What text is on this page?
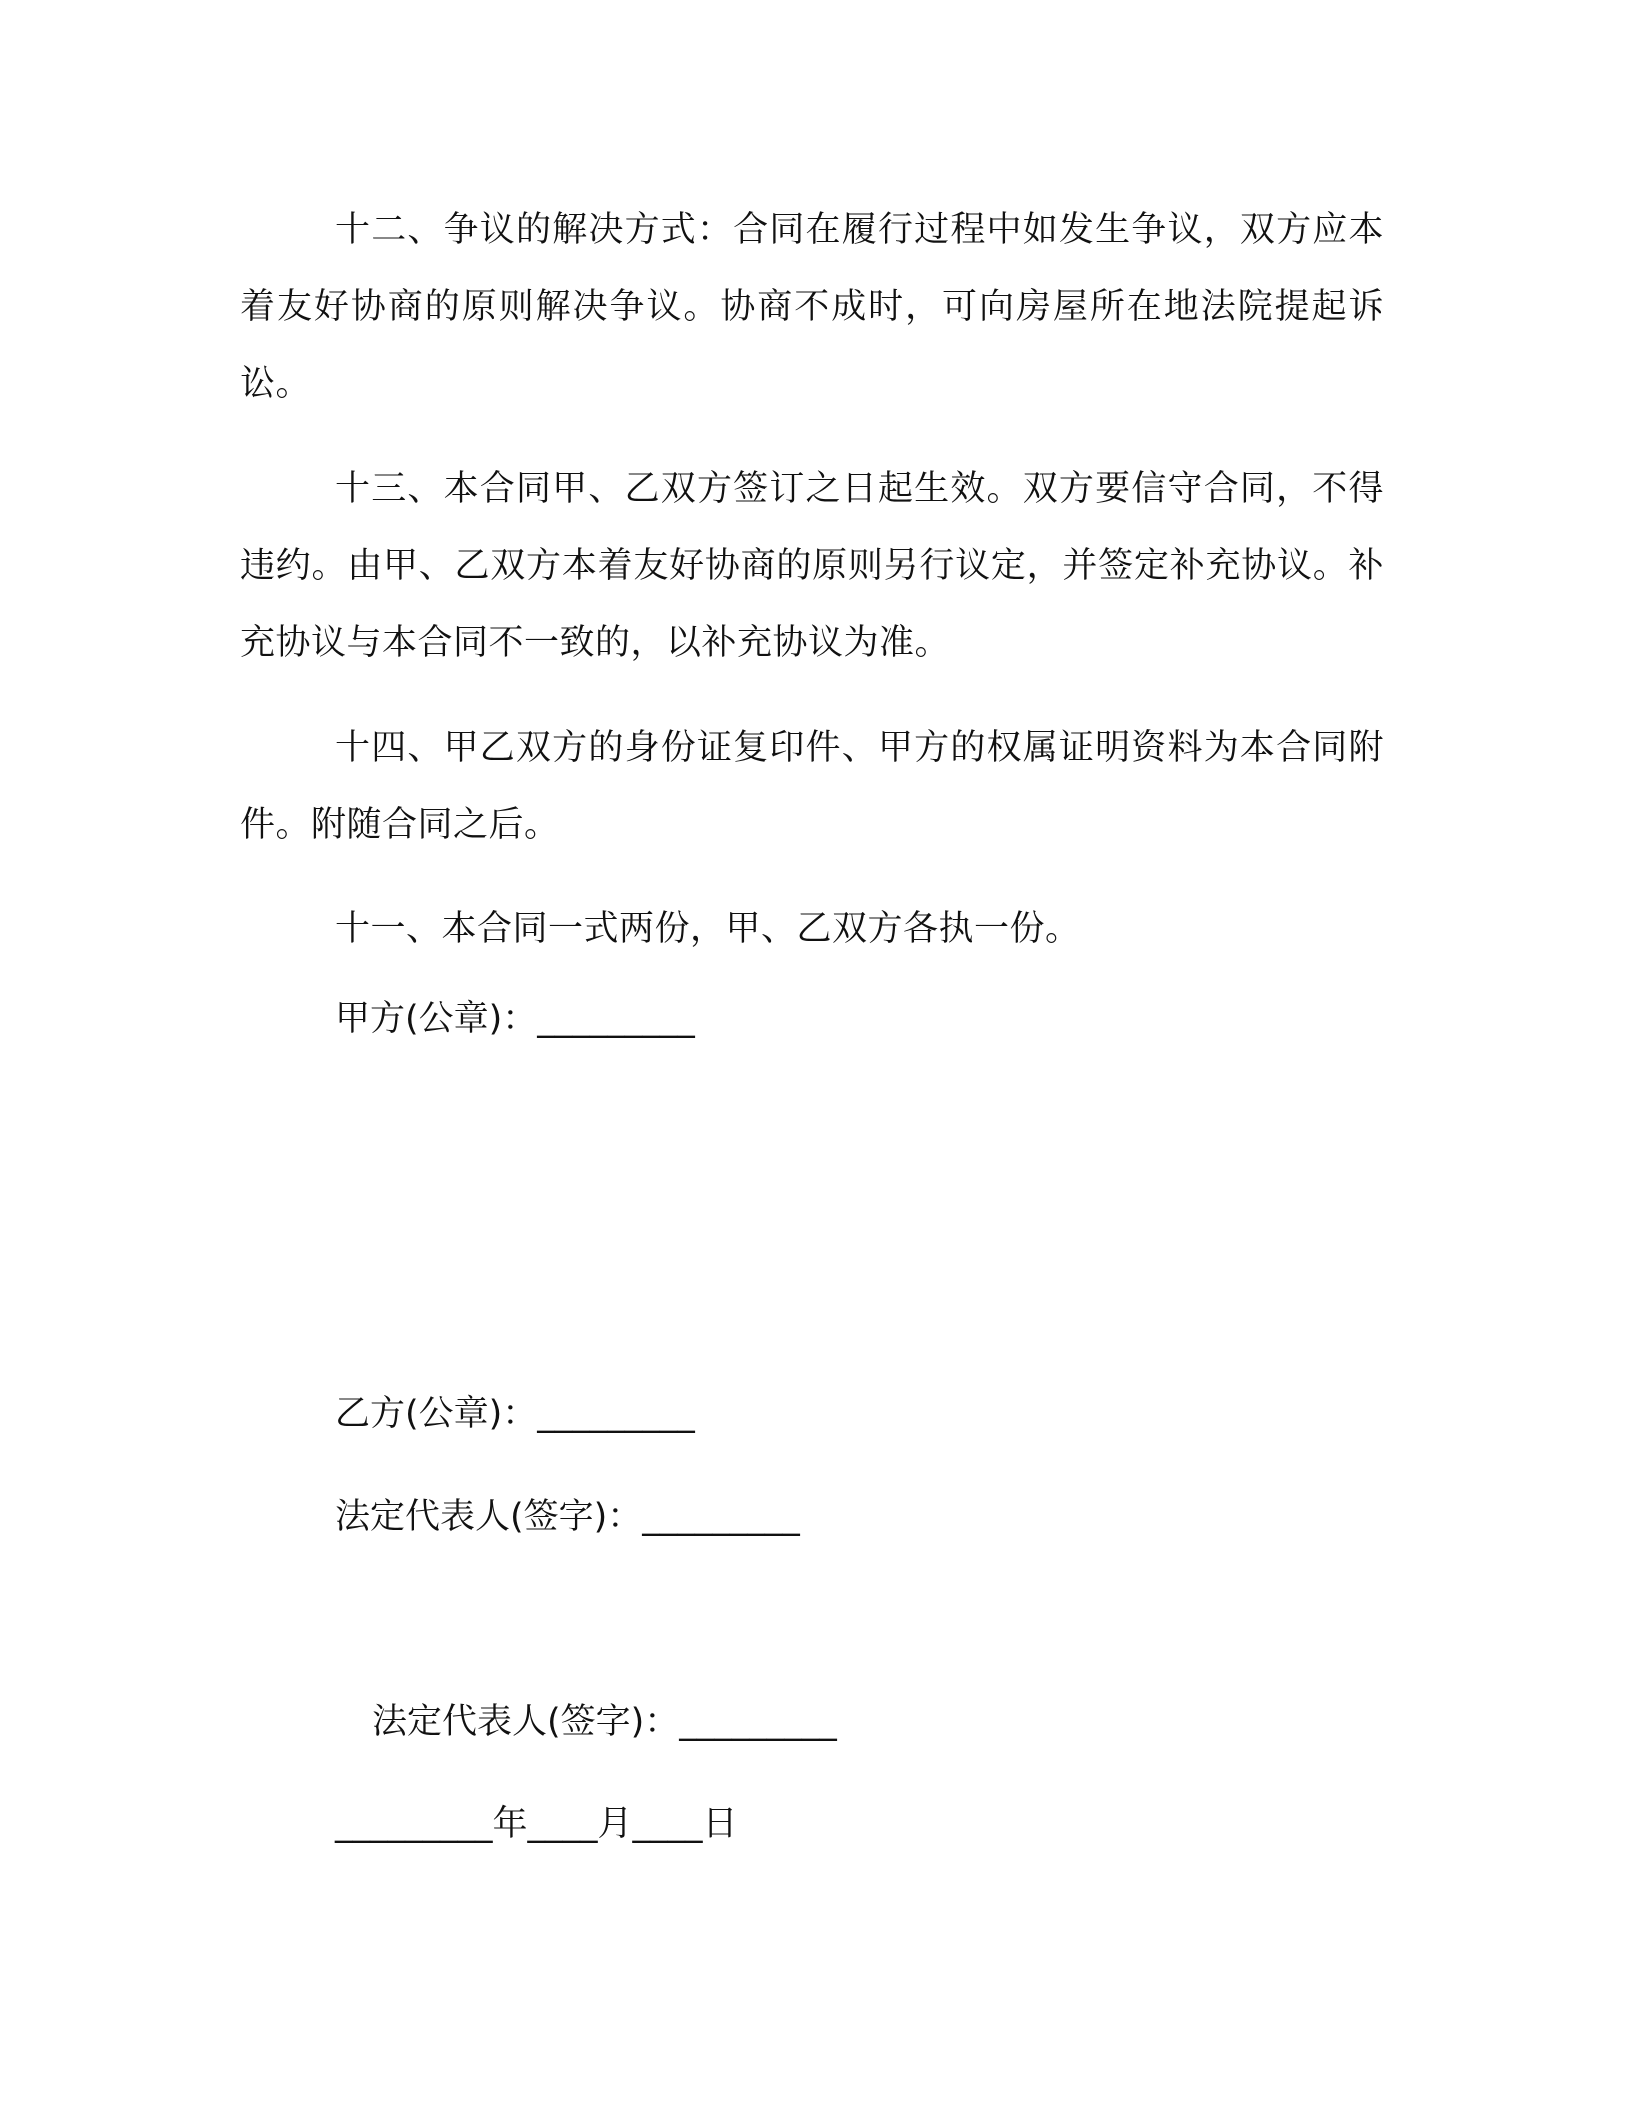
十二、争议的解决方式：合同在履行过程中如发生争议，双方应本着友好协商的原则解决争议。协商不成时，可向房屋所在地法院提起诉讼。

十三、本合同甲、乙双方签订之日起生效。双方要信守合同，不得违约。由甲、乙双方本着友好协商的原则另行议定，并签定补充协议。补充协议与本合同不一致的，以补充协议为准。

十四、甲乙双方的身份证复印件、甲方的权属证明资料为本合同附件。附随合同之后。

十一、本合同一式两份，甲、乙双方各执一份。

甲方(公章)：_________
乙方(公章)：_________
法定代表人(签字)：_________
法定代表人(签字)：_________
_________年____月____日
